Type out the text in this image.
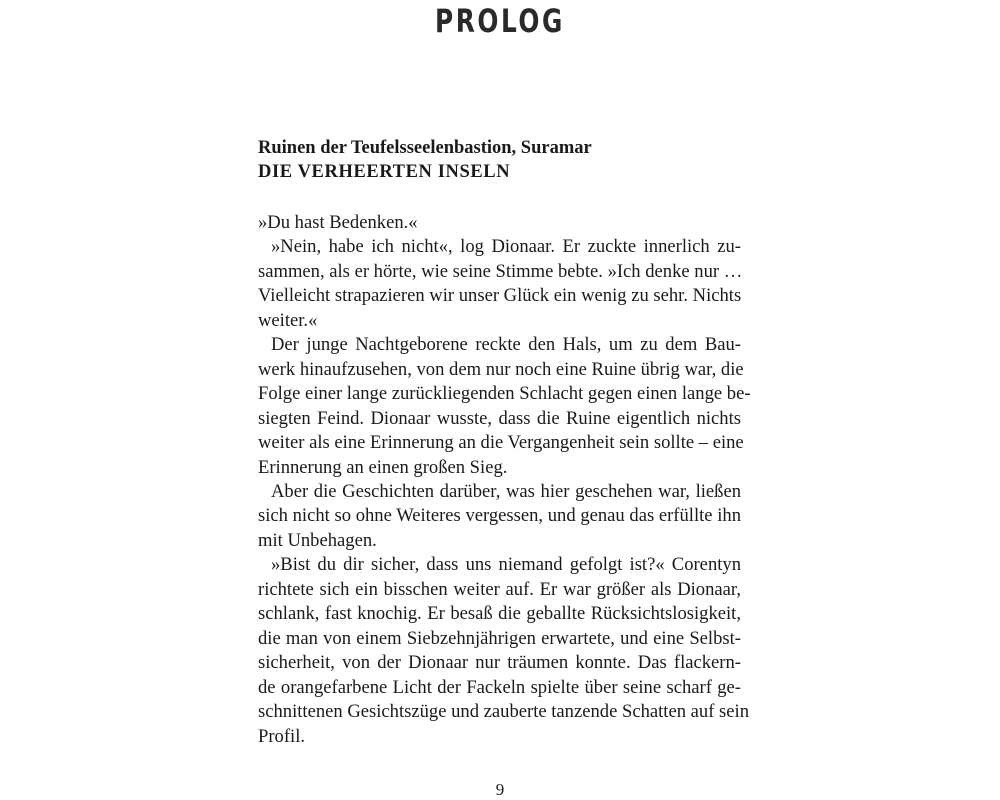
PROLOG
Ruinen der Teufelsseelenbastion, Suramar
DIE VERHEERTEN INSELN
»Du hast Bedenken.«
»Nein, habe ich nicht«, log Dionaar. Er zuckte innerlich zu-
sammen, als er hörte, wie seine Stimme bebte. »Ich denke nur …
Vielleicht strapazieren wir unser Glück ein wenig zu sehr. Nichts
weiter.«
Der junge Nachtgeborene reckte den Hals, um zu dem Bau-
werk hinaufzusehen, von dem nur noch eine Ruine übrig war, die
Folge einer lange zurückliegenden Schlacht gegen einen lange be-
siegten Feind. Dionaar wusste, dass die Ruine eigentlich nichts
weiter als eine Erinnerung an die Vergangenheit sein sollte – eine
Erinnerung an einen großen Sieg.
Aber die Geschichten darüber, was hier geschehen war, ließen
sich nicht so ohne Weiteres vergessen, und genau das erfüllte ihn
mit Unbehagen.
»Bist du dir sicher, dass uns niemand gefolgt ist?« Corentyn
richtete sich ein bisschen weiter auf. Er war größer als Dionaar,
schlank, fast knochig. Er besaß die geballte Rücksichtslosigkeit,
die man von einem Siebzehnjährigen erwartete, und eine Selbst-
sicherheit, von der Dionaar nur träumen konnte. Das flackern-
de orangefarbene Licht der Fackeln spielte über seine scharf ge-
schnittenen Gesichtszüge und zauberte tanzende Schatten auf sein
Profil.
9
